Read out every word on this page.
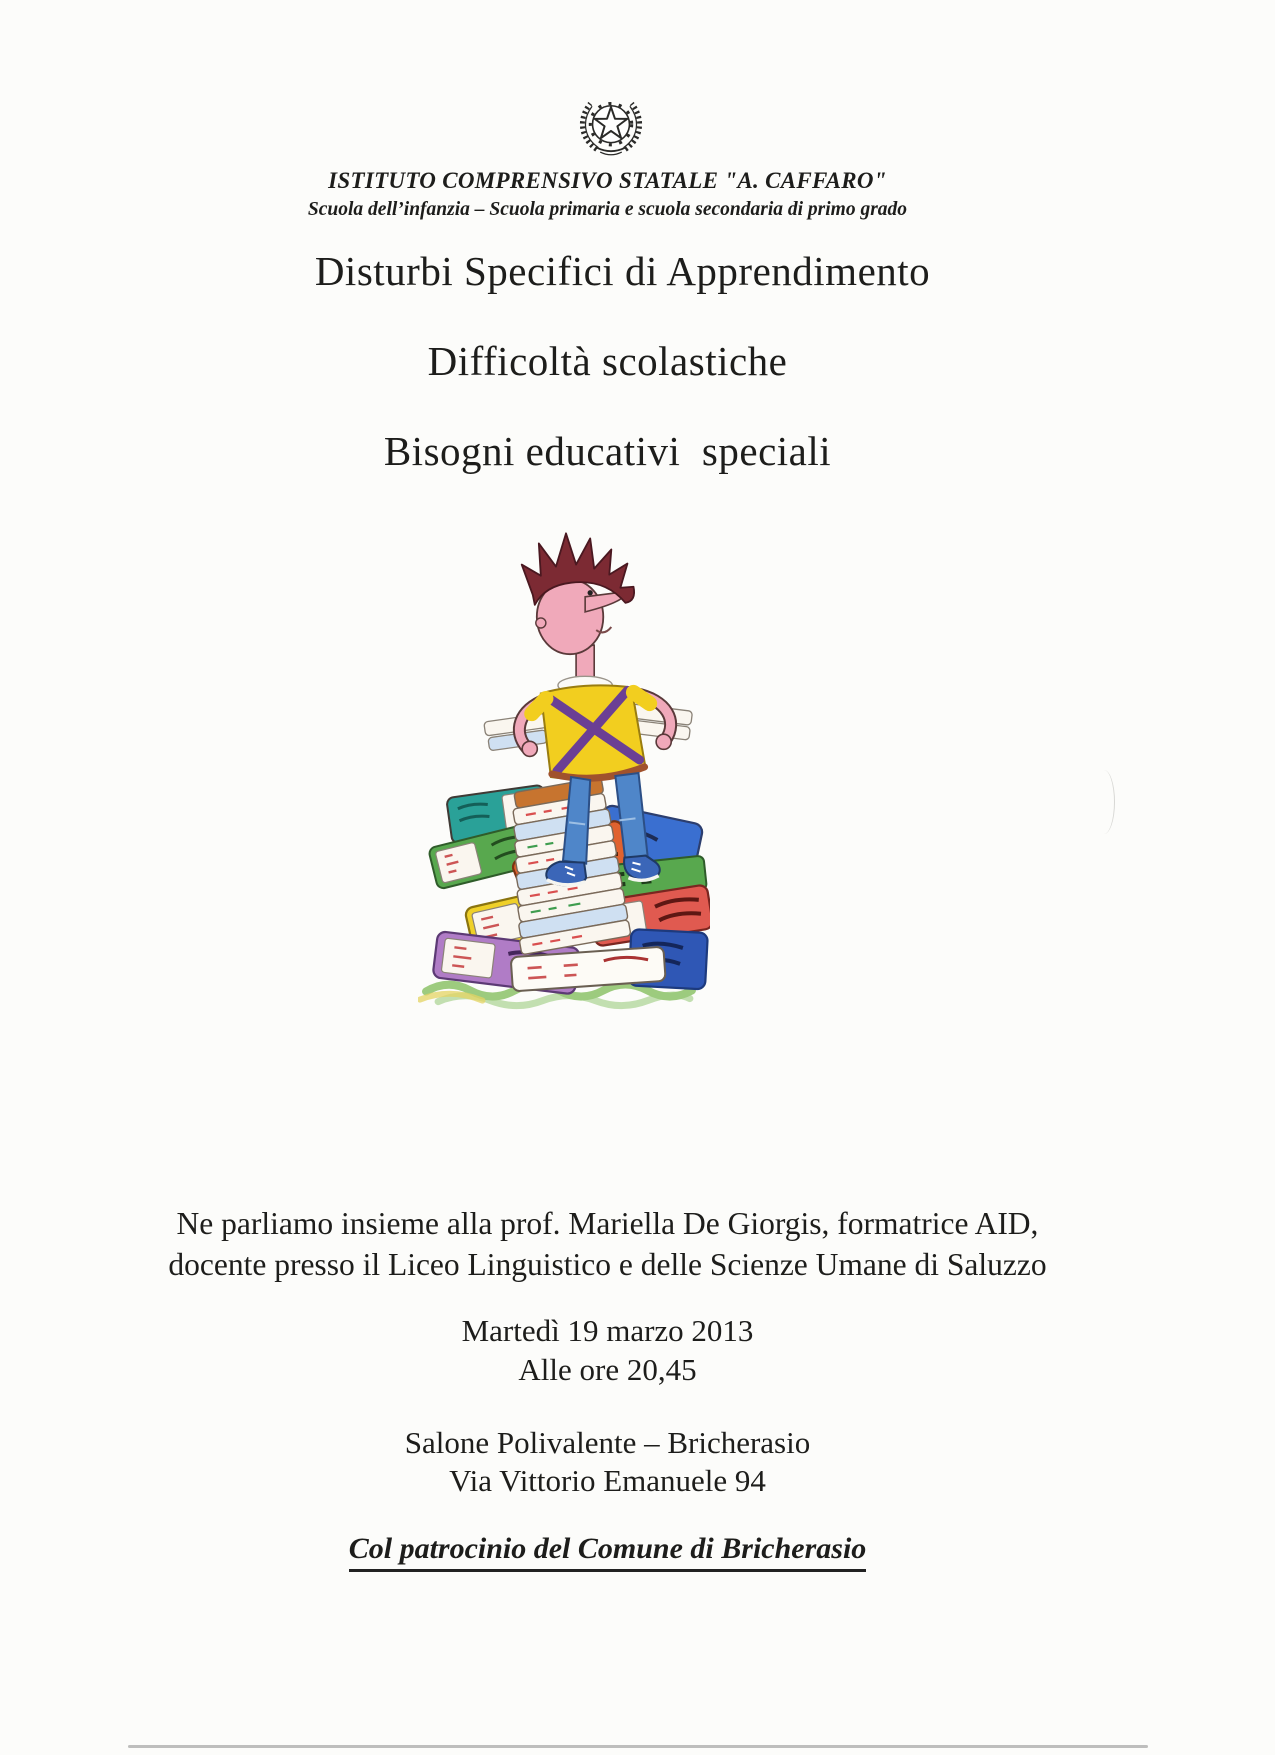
ISTITUTO COMPRENSIVO STATALE "A. CAFFARO"
Scuola dell’infanzia – Scuola primaria e scuola secondaria di primo grado
Disturbi Specifici di Apprendimento
Difficoltà scolastiche
Bisogni educativi  speciali

Ne parliamo insieme alla prof. Mariella De Giorgis, formatrice AID,

docente presso il Liceo Linguistico e delle Scienze Umane di Saluzzo

Martedì 19 marzo 2013

Alle ore 20,45

Salone Polivalente – Bricherasio

Via Vittorio Emanuele 94

Col patrocinio del Comune di Bricherasio
